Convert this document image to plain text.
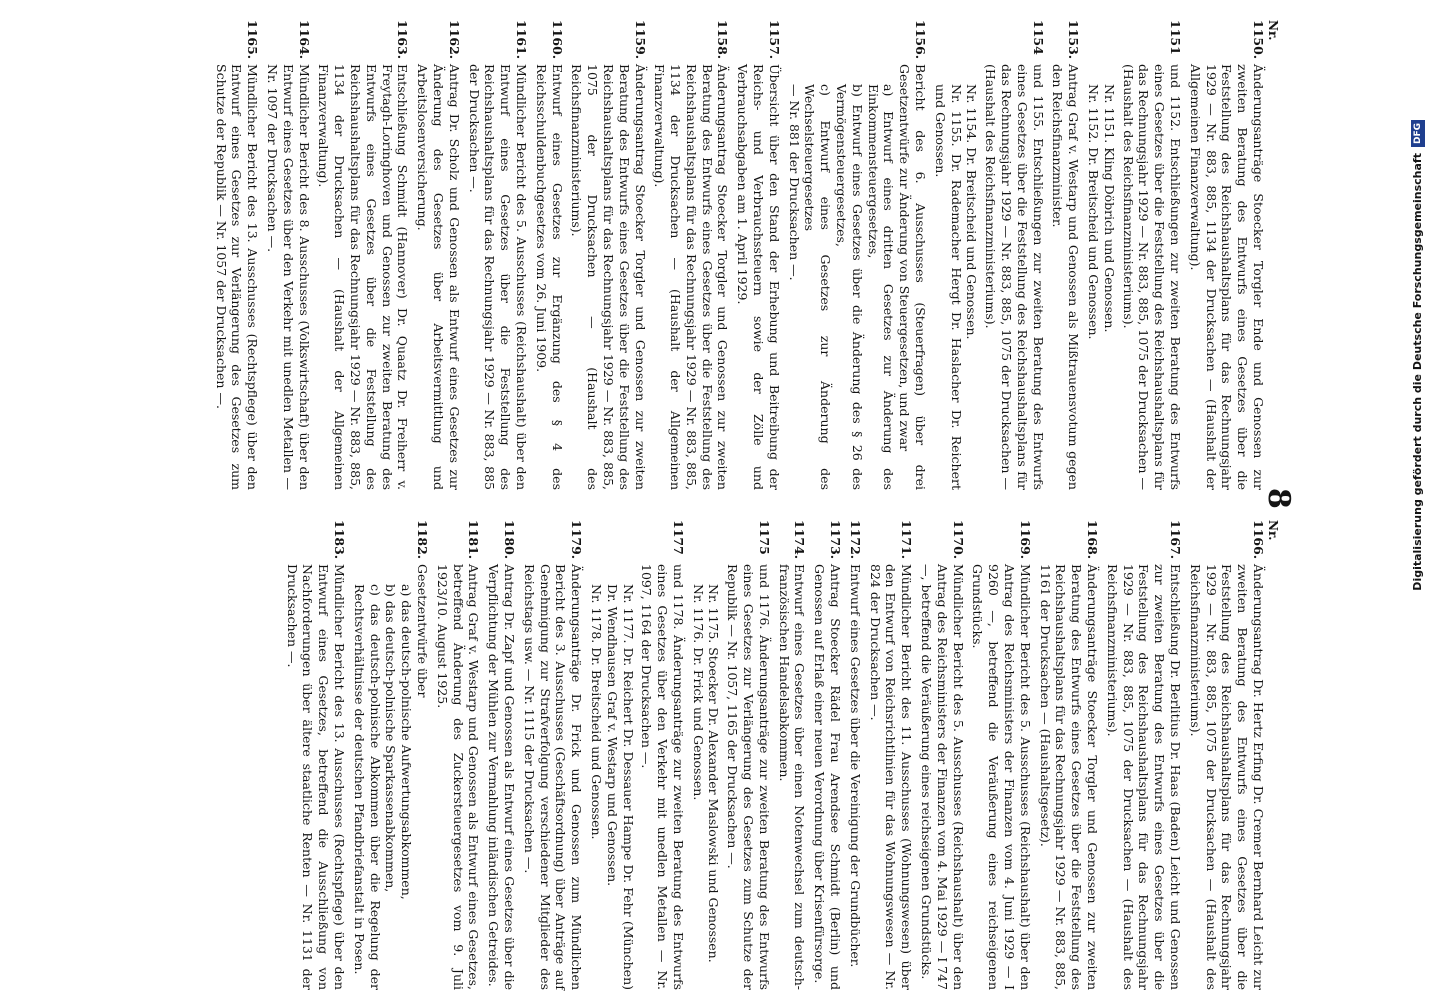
8
Nr.
Nr.
1150.
Änderungsanträge Stoecker Torgler Ende und Genossen zur zweiten Beratung des Entwurfs eines Gesetzes über die Feststellung des Reichshaushaltsplans für das Rechnungsjahr 1929 — Nr. 883, 885, 1134 der Drucksachen — (Haushalt der Allgemeinen Finanzverwaltung).
1151
und 1152. Entschließungen zur zweiten Beratung des Entwurfs eines Gesetzes über die Feststellung des Reichshaushaltsplans für das Rechnungsjahr 1929 — Nr. 883, 885, 1075 der Drucksachen — (Haushalt des Reichsfinanzministeriums).
Nr. 1151. Kling Döbrich und Genossen.
Nr. 1152. Dr. Breitscheid und Genossen.
1153.
Antrag Graf v. Westarp und Genossen als Mißtrauensvotum gegen den Reichsfinanzminister.
1154
und 1155. Entschließungen zur zweiten Beratung des Entwurfs eines Gesetzes über die Feststellung des Reichshaushaltsplans für das Rechnungsjahr 1929 — Nr. 883, 885, 1075 der Drucksachen — (Haushalt des Reichsfinanzministeriums).
Nr. 1154. Dr. Breitscheid und Genossen.
Nr. 1155. Dr. Rademacher Hergt Dr. Haslacher Dr. Reichert und Genossen.
1156.
Bericht des 6. Ausschusses (Steuerfragen) über drei Gesetzentwürfe zur Änderung von Steuergesetzen, und zwar
a) Entwurf eines dritten Gesetzes zur Änderung des Einkommensteuergesetzes,
b) Entwurf eines Gesetzes über die Änderung des § 26 des Vermögensteuergesetzes,
c) Entwurf eines Gesetzes zur Änderung des Wechselsteuergesetzes
— Nr. 881 der Drucksachen —.
1157.
Übersicht über den Stand der Erhebung und Beitreibung der Reichs- und Verbrauchssteuern sowie der Zölle und Verbrauchsabgaben am 1. April 1929.
1158.
Änderungsantrag Stoecker Torgler und Genossen zur zweiten Beratung des Entwurfs eines Gesetzes über die Feststellung des Reichshaushaltsplans für das Rechnungsjahr 1929 — Nr. 883, 885, 1134 der Drucksachen — (Haushalt der Allgemeinen Finanzverwaltung).
1159.
Änderungsantrag Stoecker Torgler und Genossen zur zweiten Beratung des Entwurfs eines Gesetzes über die Feststellung des Reichshaushaltsplans für das Rechnungsjahr 1929 — Nr. 883, 885, 1075 der Drucksachen — (Haushalt des Reichsfinanzministeriums).
1160.
Entwurf eines Gesetzes zur Ergänzung des § 4 des Reichsschuldenbuchgesetzes vom 26. Juni 1909.
1161.
Mündlicher Bericht des 5. Ausschusses (Reichshaushalt) über den Entwurf eines Gesetzes über die Feststellung des Reichshaushaltsplans für das Rechnungsjahr 1929 — Nr. 883, 885 der Drucksachen —.
1162.
Antrag Dr. Scholz und Genossen als Entwurf eines Gesetzes zur Änderung des Gesetzes über Arbeitsvermittlung und Arbeitslosenversicherung.
1163.
Entschließung Schmidt (Hannover) Dr. Quaatz Dr. Freiherr v. Freytagh-Loringhoven und Genossen zur zweiten Beratung des Entwurfs eines Gesetzes über die Feststellung des Reichshaushaltsplans für das Rechnungsjahr 1929 — Nr. 883, 885, 1134 der Drucksachen — (Haushalt der Allgemeinen Finanzverwaltung).
1164.
Mündlicher Bericht des 8. Ausschusses (Volkswirtschaft) über den Entwurf eines Gesetzes über den Verkehr mit unedlen Metallen — Nr. 1097 der Drucksachen —.
1165.
Mündlicher Bericht des 13. Ausschusses (Rechtspflege) über den Entwurf eines Gesetzes zur Verlängerung des Gesetzes zum Schutze der Republik — Nr. 1057 der Drucksachen —.
1166.
Änderungsantrag Dr. Hertz Erfing Dr. Cremer Bernhard Leicht zur zweiten Beratung des Entwurfs eines Gesetzes über die Feststellung des Reichshaushaltsplans für das Rechnungsjahr 1929 — Nr. 883, 885, 1075 der Drucksachen — (Haushalt des Reichsfinanzministeriums).
1167.
Entschließung Dr. Berlitius Dr. Haas (Baden) Leicht und Genossen zur zweiten Beratung des Entwurfs eines Gesetzes über die Feststellung des Reichshaushaltsplans für das Rechnungsjahr 1929 — Nr. 883, 885, 1075 der Drucksachen — (Haushalt des Reichsfinanzministeriums).
1168.
Änderungsanträge Stoecker Torgler und Genossen zur zweiten Beratung des Entwurfs eines Gesetzes über die Feststellung des Reichshaushaltsplans für das Rechnungsjahr 1929 — Nr. 883, 885, 1161 der Drucksachen — (Haushaltsgesetz).
1169.
Mündlicher Bericht des 5. Ausschusses (Reichshaushalt) über den Antrag des Reichsministers der Finanzen vom 4. Juni 1929 — I 9260 —, betreffend die Veräußerung eines reichseigenen Grundstücks.
1170.
Mündlicher Bericht des 5. Ausschusses (Reichshaushalt) über den Antrag des Reichsministers der Finanzen vom 4. Mai 1929 — I 747 —, betreffend die Veräußerung eines reichseigenen Grundstücks.
1171.
Mündlicher Bericht des 11. Ausschusses (Wohnungswesen) über den Entwurf von Reichsrichtlinien für das Wohnungswesen — Nr. 824 der Drucksachen —.
1172.
Entwurf eines Gesetzes über die Vereinigung der Grundbücher.
1173.
Antrag Stoecker Rädel Frau Arendsee Schmidt (Berlin) und Genossen auf Erlaß einer neuen Verordnung über Krisenfürsorge.
1174.
Entwurf eines Gesetzes über einen Notenwechsel zum deutsch-französischen Handelsabkommen.
1175
und 1176. Änderungsanträge zur zweiten Beratung des Entwurfs eines Gesetzes zur Verlängerung des Gesetzes zum Schutze der Republik — Nr. 1057, 1165 der Drucksachen —.
Nr. 1175. Stoecker Dr. Alexander Maslowski und Genossen.
Nr. 1176. Dr. Frick und Genossen.
1177
und 1178. Änderungsanträge zur zweiten Beratung des Entwurfs eines Gesetzes über den Verkehr mit unedlen Metallen — Nr. 1097, 1164 der Drucksachen —.
Nr. 1177. Dr. Reichert Dr. Dessauer Hampe Dr. Fehr (München) Dr. Wendhausen Graf v. Westarp und Genossen.
Nr. 1178. Dr. Breitscheid und Genossen.
1179.
Änderungsanträge Dr. Frick und Genossen zum Mündlichen Bericht des 3. Ausschusses (Geschäftsordnung) über Anträge auf Genehmigung zur Strafverfolgung verschiedener Mitglieder des Reichstags usw. — Nr. 1115 der Drucksachen —.
1180.
Antrag Dr. Zapf und Genossen als Entwurf eines Gesetzes über die Verpflichtung der Mühlen zur Vermahlung inländischen Getreides.
1181.
Antrag Graf v. Westarp und Genossen als Entwurf eines Gesetzes, betreffend Änderung des Zuckersteuergesetzes vom 9. Juli 1923/10. August 1925.
1182.
Gesetzentwürfe über
a) das deutsch-polnische Aufwertungsabkommen,
b) das deutsch-polnische Sparkassenabkommen,
c) das deutsch-polnische Abkommen über die Regelung der Rechtsverhältnisse der deutschen Pfandbriefanstalt in Posen.
1183.
Mündlicher Bericht des 13. Ausschusses (Rechtspflege) über den Entwurf eines Gesetzes, betreffend die Ausschließung von Nachforderungen über ältere staatliche Renten — Nr. 1131 der Drucksachen —.
Digitalisierung gefördert durch die Deutsche Forschungsgemeinschaft
DFG
